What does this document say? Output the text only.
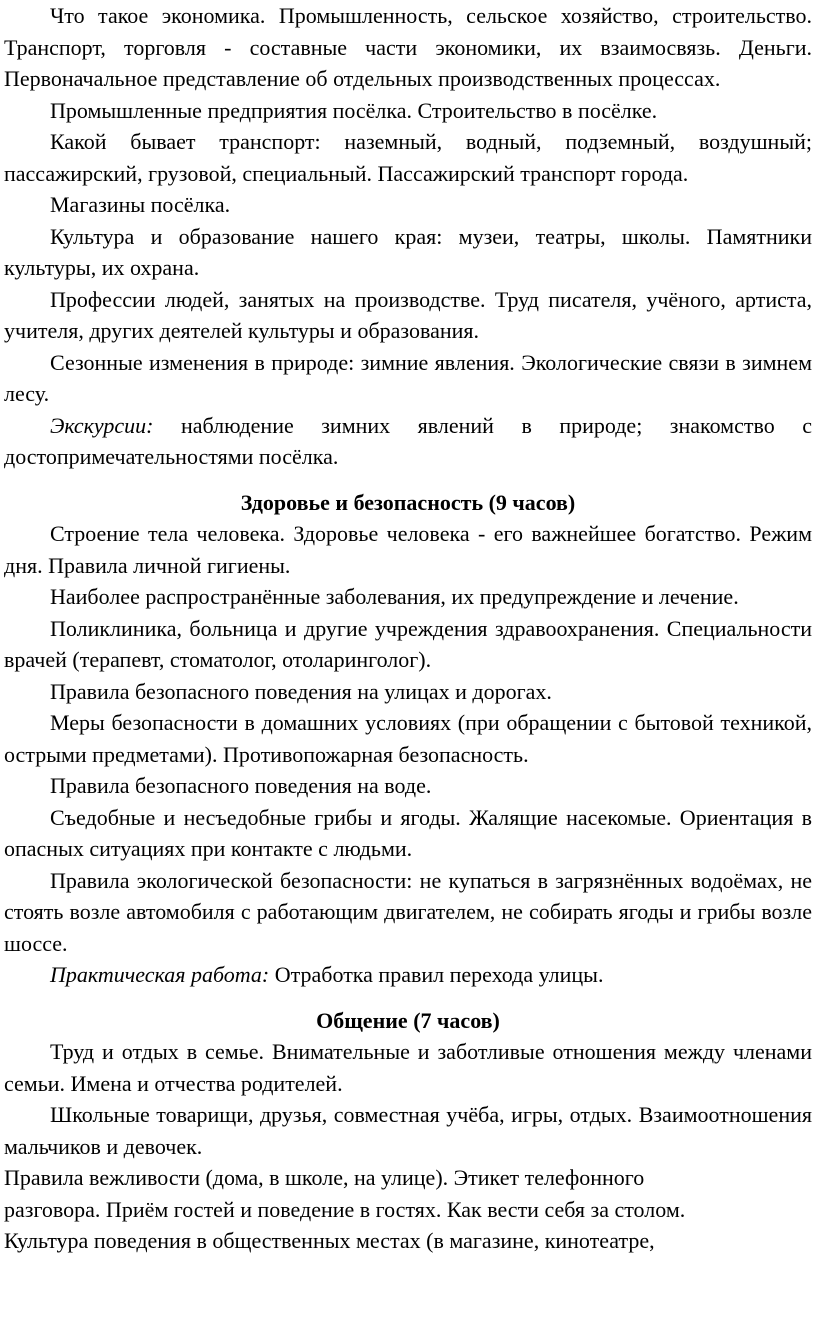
Что такое экономика. Промышленность, сельское хозяйство, строительство. Транспорт, торговля - составные части экономики, их взаимосвязь. Деньги. Первоначальное представление об отдельных производственных процессах.

Промышленные предприятия посёлка. Строительство в посёлке.

Какой бывает транспорт: наземный, водный, подземный, воздушный; пассажирский, грузовой, специальный. Пассажирский транспорт города.

Магазины посёлка.

Культура и образование нашего края: музеи, театры, школы. Памятники культуры, их охрана.

Профессии людей, занятых на производстве. Труд писателя, учёного, артиста, учителя, других деятелей культуры и образования.

Сезонные изменения в природе: зимние явления. Экологические связи в зимнем лесу.

Экскурсии: наблюдение зимних явлений в природе; знакомство с достопримечательностями посёлка.

Здоровье и безопасность (9 часов)

Строение тела человека. Здоровье человека - его важнейшее богатство. Режим дня. Правила личной гигиены.

Наиболее распространённые заболевания, их предупреждение и лечение.

Поликлиника, больница и другие учреждения здравоохранения. Специальности врачей (терапевт, стоматолог, отоларинголог).

Правила безопасного поведения на улицах и дорогах.

Меры безопасности в домашних условиях (при обращении с бытовой техникой, острыми предметами). Противопожарная безопасность.

Правила безопасного поведения на воде.

Съедобные и несъедобные грибы и ягоды. Жалящие насекомые. Ориентация в опасных ситуациях при контакте с людьми.

Правила экологической безопасности: не купаться в загрязнённых водоёмах, не стоять возле автомобиля с работающим двигателем, не собирать ягоды и грибы возле шоссе.

Практическая работа: Отработка правил перехода улицы.

Общение (7 часов)

Труд и отдых в семье. Внимательные и заботливые отношения между членами семьи. Имена и отчества родителей.

Школьные товарищи, друзья, совместная учёба, игры, отдых. Взаимоотношения мальчиков и девочек.

Правила вежливости (дома, в школе, на улице). Этикет телефонного

разговора. Приём гостей и поведение в гостях. Как вести себя за столом.

Культура поведения в общественных местах (в магазине, кинотеатре,
